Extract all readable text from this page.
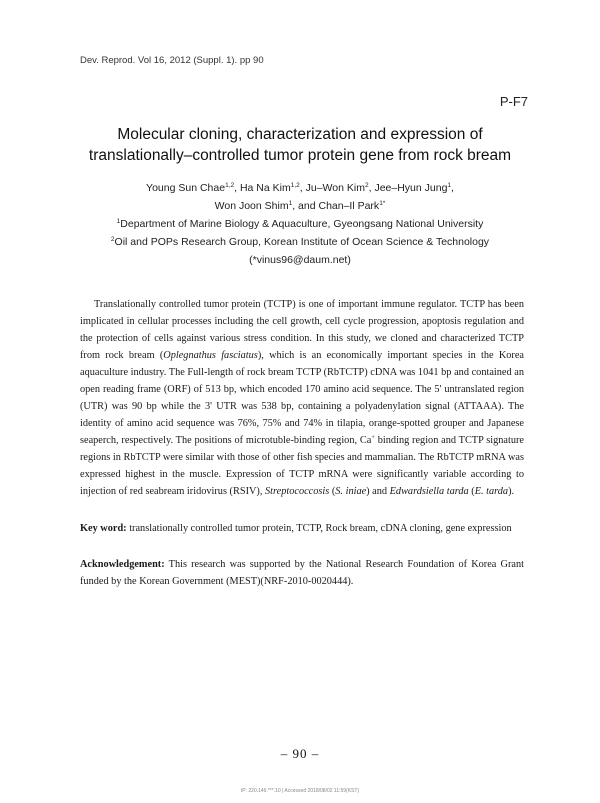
Dev. Reprod. Vol 16, 2012 (Suppl. 1). pp 90
P-F7
Molecular cloning, characterization and expression of
translationally–controlled tumor protein gene from rock bream
Young Sun Chae$^{1,2}$, Ha Na Kim$^{1,2}$, Ju–Won Kim$^2$, Jee–Hyun Jung$^1$,
Won Joon Shim$^1$, and Chan–Il Park$^{1*}$
$^1$Department of Marine Biology & Aquaculture, Gyeongsang National University
$^2$Oil and POPs Research Group, Korean Institute of Ocean Science & Technology
(*vinus96@daum.net)

Translationally controlled tumor protein (TCTP) is one of important immune regulator. TCTP has been implicated in cellular processes including the cell growth, cell cycle progression, apoptosis regulation and the protection of cells against various stress condition. In this study, we cloned and characterized TCTP from rock bream (Oplegnathus fasciatus), which is an economically important species in the Korea aquaculture industry. The Full-length of rock bream TCTP (RbTCTP) cDNA was 1041 bp and contained an open reading frame (ORF) of 513 bp, which encoded 170 amino acid sequence. The 5' untranslated region (UTR) was 90 bp while the 3' UTR was 538 bp, containing a polyadenylation signal (ATTAAA). The identity of amino acid sequence was 76%, 75% and 74% in tilapia, orange-spotted grouper and Japanese seaperch, respectively. The positions of microtuble-binding region, Ca+ binding region and TCTP signature regions in RbTCTP were similar with those of other fish species and mammalian. The RbTCTP mRNA was expressed highest in the muscle. Expression of TCTP mRNA were significantly variable according to injection of red seabream iridovirus (RSIV), Streptococcosis (S. iniae) and Edwardsiella tarda (E. tarda).

Key word: translationally controlled tumor protein, TCTP, Rock bream, cDNA cloning, gene expression

Acknowledgement: This research was supported by the National Research Foundation of Korea Grant funded by the Korean Government (MEST)(NRF-2010-0020444).

– 90 –
IP: 220.149.***.10 | Accessed 2018/08/02 11:59(KST)
